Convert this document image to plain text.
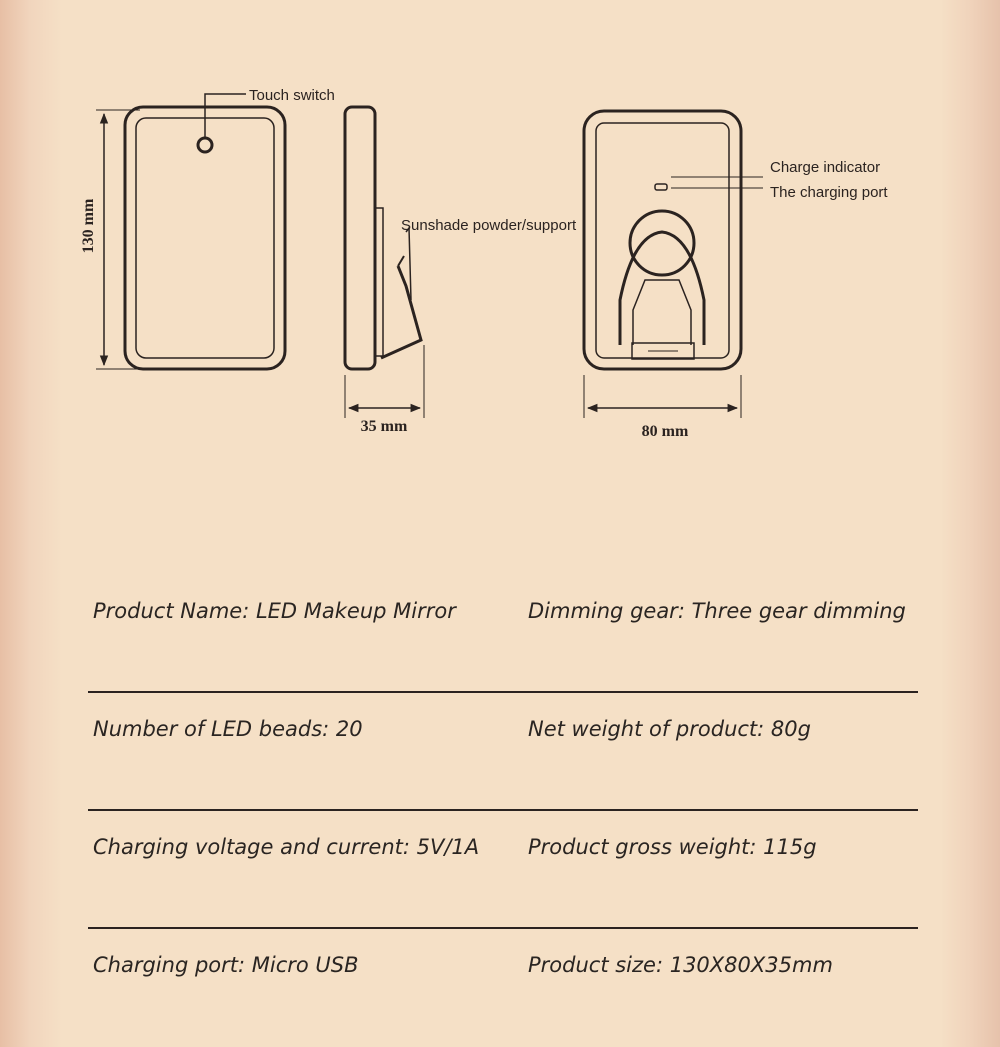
Touch switch
130 mm	Sunshade powder/support
35 mm
Charge indicator
The charging port
80 mm
Product Name: LED Makeup Mirror	Dimming gear: Three gear dimming
Number of LED beads: 20	Net weight of product: 80g
Charging voltage and current: 5V/1A Product gross weight: 115g
Charging port: Micro USB	Product size: 130X80X35mm
